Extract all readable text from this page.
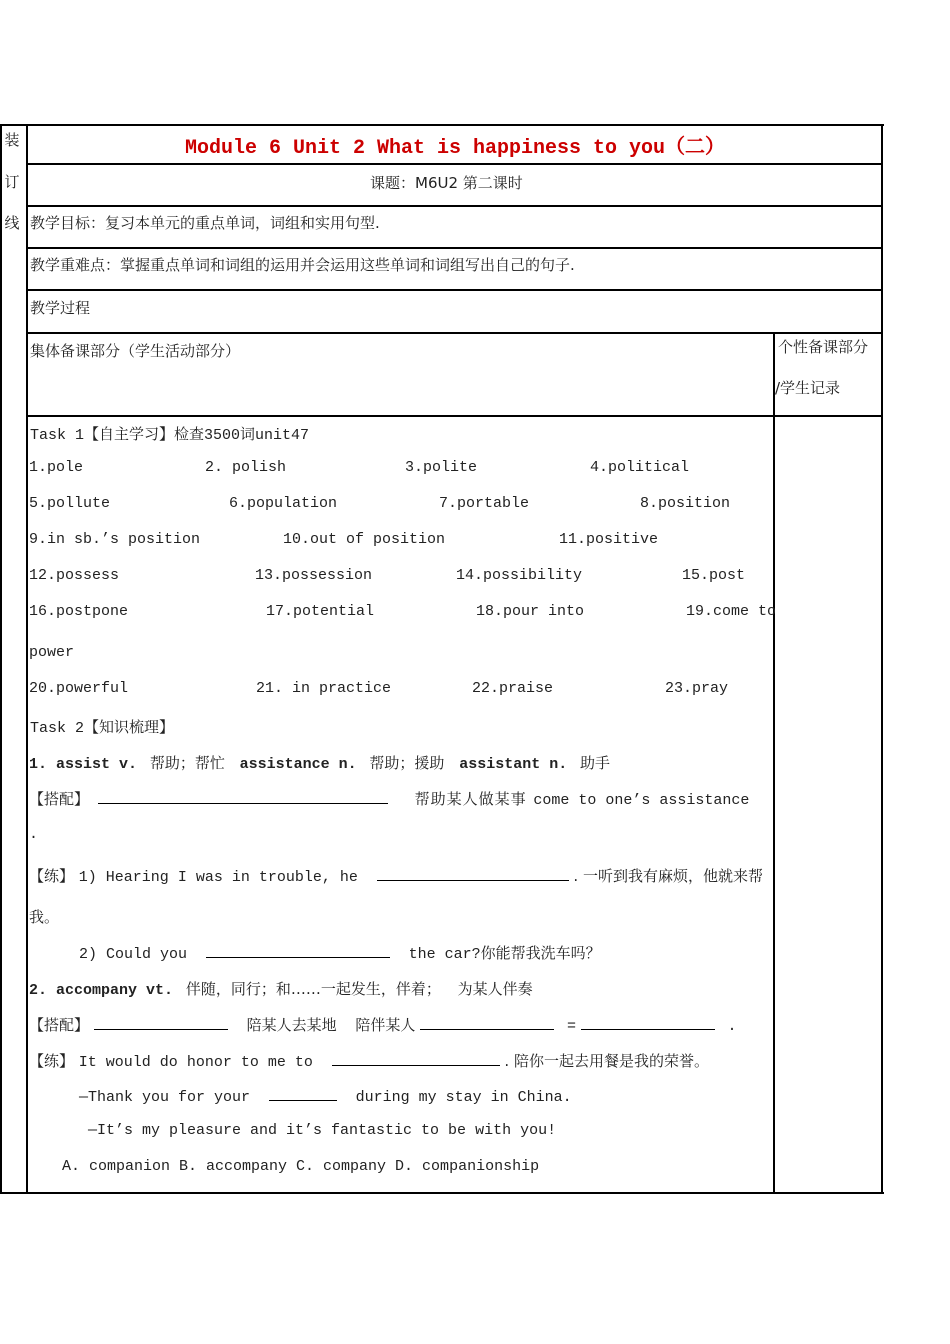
装
订
线
Module 6 Unit 2 What is happiness to you（二）
课题：M6U2 第二课时
教学目标：复习本单元的重点单词，词组和实用句型.
教学重难点：掌握重点单词和词组的运用并会运用这些单词和词组写出自己的句子.
教学过程
集体备课部分（学生活动部分）	个性备课部分
/学生记录
Task 1【自主学习】检查3500词unit47
1.pole	2. polish	3.polite	4.political
5.pollute	6.population	7.portable	8.position
9.in sb.’s position	10.out of position	11.positive
12.possess	13.possession	14.possibility	15.post
16.postpone	17.potential	18.pour into	19.come to
power
20.powerful	21. in practice	22.praise	23.pray
Task 2【知识梳理】
1. assist v. 帮助；帮忙 assistance n. 帮助；援助 assistant n. 助手
【搭配】	帮助某人做某事 come to one’s assistance
.
【练】 1) Hearing I was in trouble, he	. 一听到我有麻烦，他就来帮
我。
2) Could you	the car?你能帮我洗车吗？
2. accompany vt. 伴随，同行；和……一起发生，伴着； 为某人伴奏
【搭配】	陪某人去某地 陪伴某人	=	.
【练】 It would do honor to me to	. 陪你一起去用餐是我的荣誉。
—Thank you for your	during my stay in China.
—It’s my pleasure and it’s fantastic to be with you!
A. companion B. accompany C. company D. companionship
